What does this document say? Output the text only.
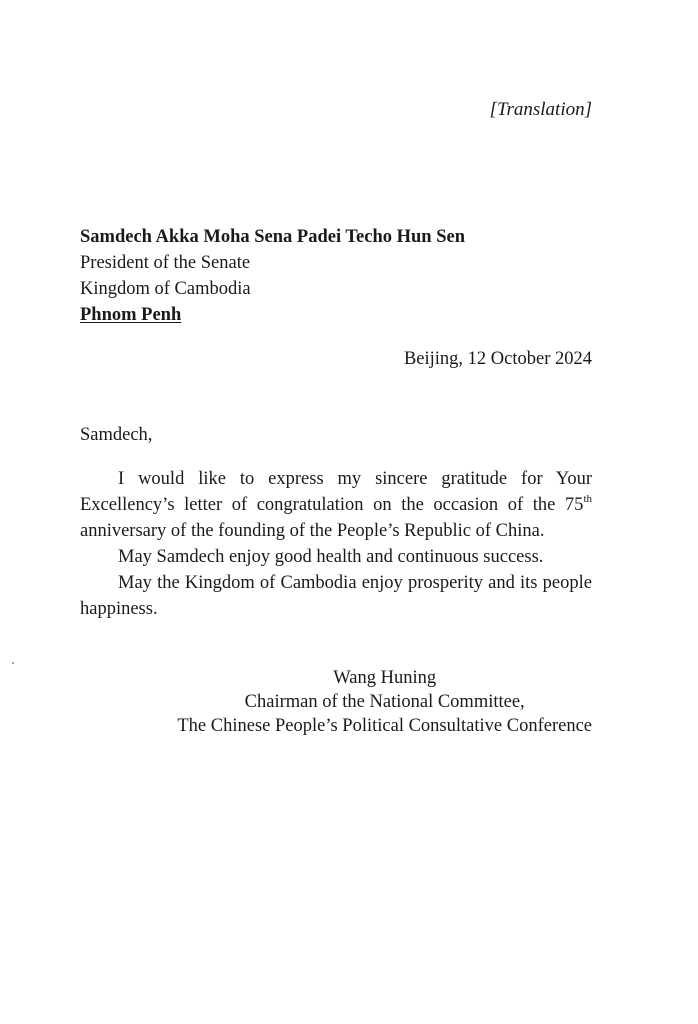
[Translation]
Samdech Akka Moha Sena Padei Techo Hun Sen
President of the Senate
Kingdom of Cambodia
Phnom Penh
Beijing, 12 October 2024
Samdech,

I would like to express my sincere gratitude for Your Excellency’s letter of congratulation on the occasion of the 75th anniversary of the founding of the People’s Republic of China.

May Samdech enjoy good health and continuous success.

May the Kingdom of Cambodia enjoy prosperity and its people happiness.

Wang Huning
Chairman of the National Committee,
The Chinese People’s Political Consultative Conference
